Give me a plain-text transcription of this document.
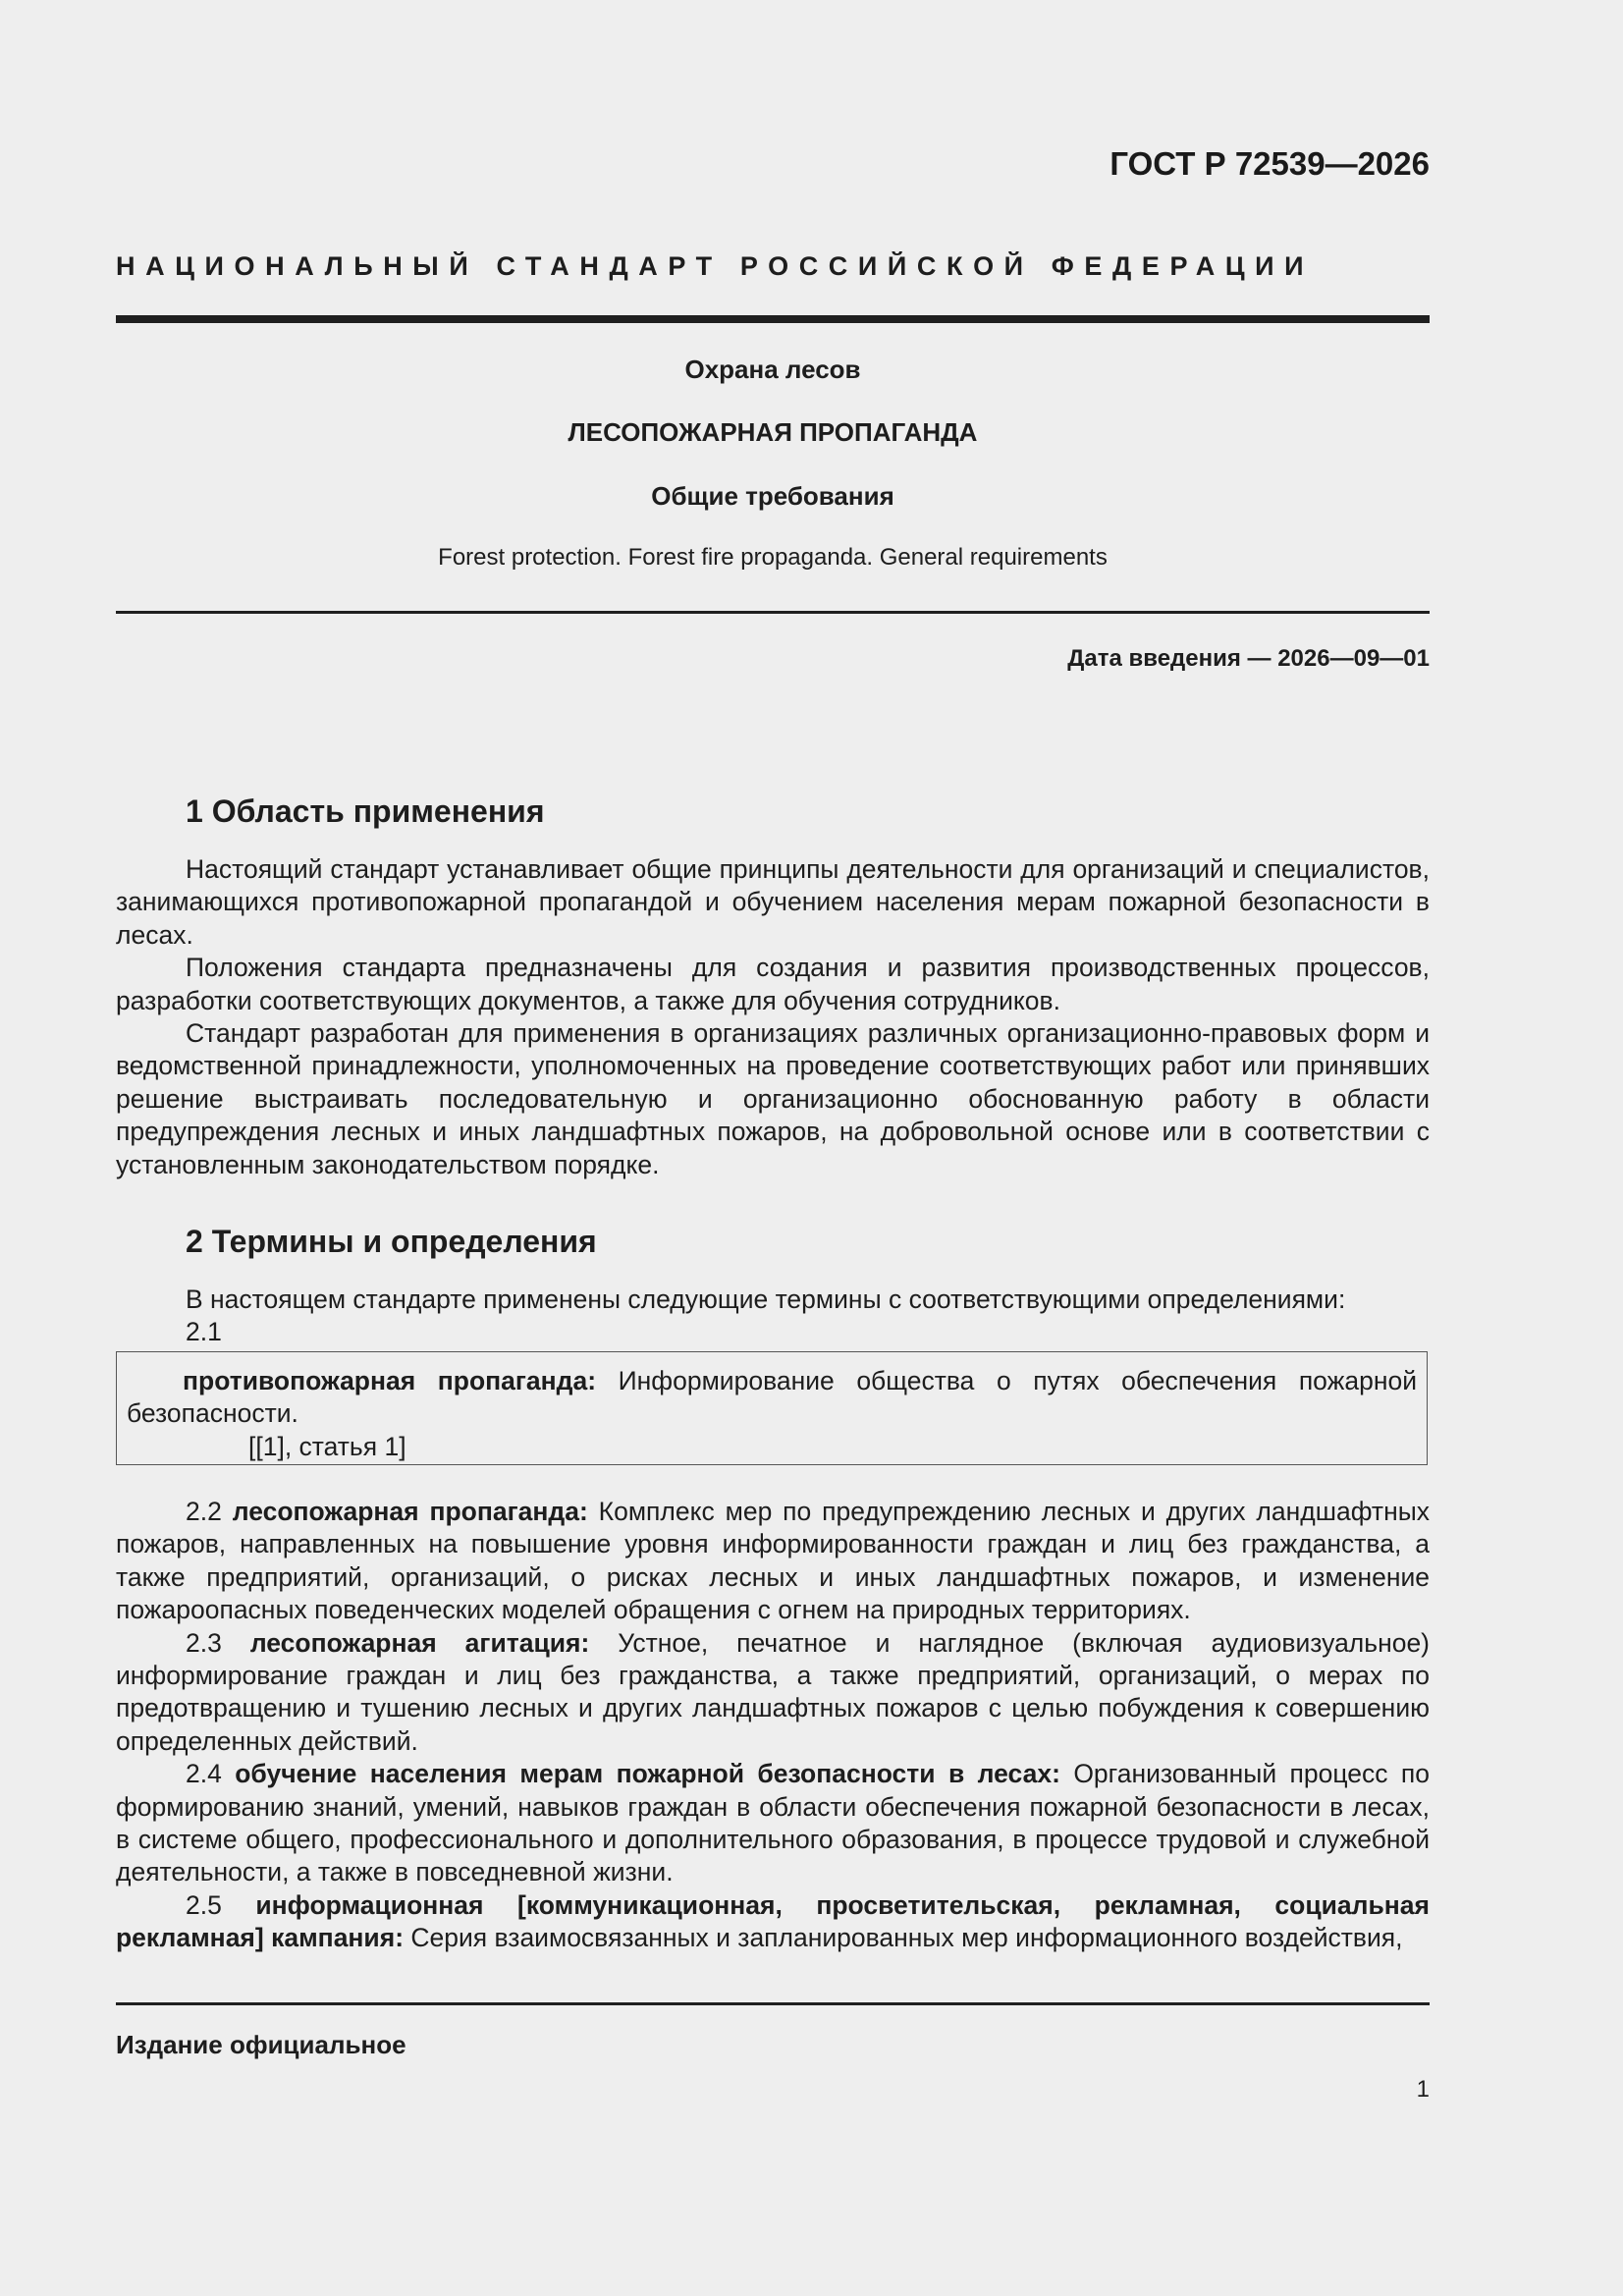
ГОСТ Р 72539—2026

НАЦИОНАЛЬНЫЙ СТАНДАРТ РОССИЙСКОЙ ФЕДЕРАЦИИ

Охрана лесов

ЛЕСОПОЖАРНАЯ ПРОПАГАНДА

Общие требования

Forest protection. Forest fire propaganda. General requirements

Дата введения — 2026—09—01

1 Область применения

Настоящий стандарт устанавливает общие принципы деятельности для организаций и специалистов, занимающихся противопожарной пропагандой и обучением населения мерам пожарной безопасности в лесах.

Положения стандарта предназначены для создания и развития производственных процессов, разработки соответствующих документов, а также для обучения сотрудников.

Стандарт разработан для применения в организациях различных организационно-правовых форм и ведомственной принадлежности, уполномоченных на проведение соответствующих работ или принявших решение выстраивать последовательную и организационно обоснованную работу в области предупреждения лесных и иных ландшафтных пожаров, на добровольной основе или в соответствии с установленным законодательством порядке.

2 Термины и определения

В настоящем стандарте применены следующие термины с соответствующими определениями:

2.1

противопожарная пропаганда: Информирование общества о путях обеспечения пожарной безопасности.

[[1], статья 1]

2.2 лесопожарная пропаганда: Комплекс мер по предупреждению лесных и других ландшафтных пожаров, направленных на повышение уровня информированности граждан и лиц без гражданства, а также предприятий, организаций, о рисках лесных и иных ландшафтных пожаров, и изменение пожароопасных поведенческих моделей обращения с огнем на природных территориях.

2.3 лесопожарная агитация: Устное, печатное и наглядное (включая аудиовизуальное) информирование граждан и лиц без гражданства, а также предприятий, организаций, о мерах по предотвращению и тушению лесных и других ландшафтных пожаров с целью побуждения к совершению определенных действий.

2.4 обучение населения мерам пожарной безопасности в лесах: Организованный процесс по формированию знаний, умений, навыков граждан в области обеспечения пожарной безопасности в лесах, в системе общего, профессионального и дополнительного образования, в процессе трудовой и служебной деятельности, а также в повседневной жизни.

2.5 информационная [коммуникационная, просветительская, рекламная, социальная рекламная] кампания: Серия взаимосвязанных и запланированных мер информационного воздействия,

Издание официальное

1
